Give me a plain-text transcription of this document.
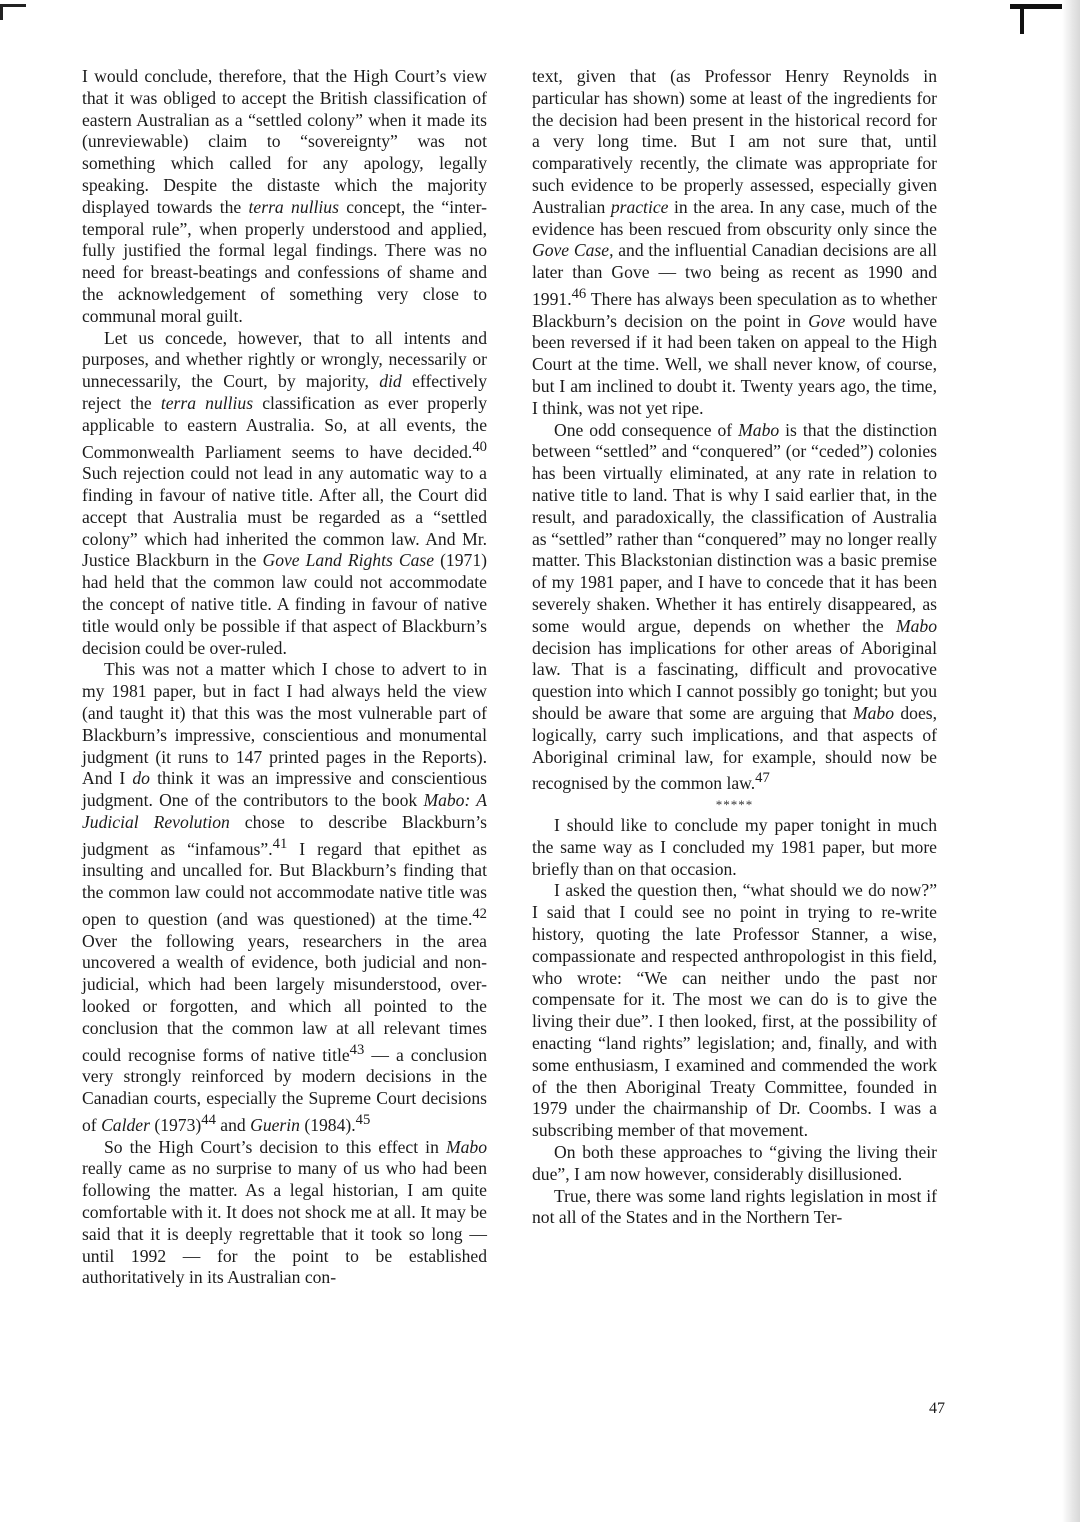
I would conclude, therefore, that the High Court’s view that it was obliged to accept the British classification of eastern Australian as a “settled colony” when it made its (unreviewable) claim to “sovereignty” was not something which called for any apology, legally speaking. Despite the distaste which the majority displayed towards the terra nullius concept, the “inter-temporal rule”, when properly understood and applied, fully justified the formal legal findings. There was no need for breast-beatings and confessions of shame and the acknowledgement of something very close to communal moral guilt.

Let us concede, however, that to all intents and purposes, and whether rightly or wrongly, necessarily or unnecessarily, the Court, by majority, did effectively reject the terra nullius classification as ever properly applicable to eastern Australia. So, at all events, the Commonwealth Parliament seems to have decided.$^{40}$ Such rejection could not lead in any automatic way to a finding in favour of native title. After all, the Court did accept that Australia must be regarded as a “settled colony” which had inherited the common law. And Mr. Justice Blackburn in the Gove Land Rights Case (1971) had held that the common law could not accommodate the concept of native title. A finding in favour of native title would only be possible if that aspect of Blackburn’s decision could be over-ruled.

This was not a matter which I chose to advert to in my 1981 paper, but in fact I had always held the view (and taught it) that this was the most vulnerable part of Blackburn’s impressive, conscientious and monumental judgment (it runs to 147 printed pages in the Reports). And I do think it was an impressive and conscientious judgment. One of the contributors to the book Mabo: A Judicial Revolution chose to describe Blackburn’s judgment as “infamous”.$^{41}$ I regard that epithet as insulting and uncalled for. But Blackburn’s finding that the common law could not accommodate native title was open to question (and was questioned) at the time.$^{42}$ Over the following years, researchers in the area uncovered a wealth of evidence, both judicial and non-judicial, which had been largely misunderstood, over-looked or forgotten, and which all pointed to the conclusion that the common law at all relevant times could recognise forms of native title$^{43}$ — a conclusion very strongly reinforced by modern decisions in the Canadian courts, especially the Supreme Court decisions of Calder $(1973)^{44}$ and Guerin (1984).$^{45}$

So the High Court’s decision to this effect in Mabo really came as no surprise to many of us who had been following the matter. As a legal historian, I am quite comfortable with it. It does not shock me at all. It may be said that it is deeply regrettable that it took so long — until 1992 — for the point to be established authoritatively in its Australian con-

text, given that (as Professor Henry Reynolds in particular has shown) some at least of the ingredients for the decision had been present in the historical record for a very long time. But I am not sure that, until comparatively recently, the climate was appropriate for such evidence to be properly assessed, especially given Australian practice in the area. In any case, much of the evidence has been rescued from obscurity only since the Gove Case, and the influential Canadian decisions are all later than Gove — two being as recent as 1990 and 1991.46 There has always been speculation as to whether Blackburn’s decision on the point in Gove would have been reversed if it had been taken on appeal to the High Court at the time. Well, we shall never know, of course, but I am inclined to doubt it. Twenty years ago, the time, I think, was not yet ripe.

One odd consequence of Mabo is that the distinction between “settled” and “conquered” (or “ceded”) colonies has been virtually eliminated, at any rate in relation to native title to land. That is why I said earlier that, in the result, and paradoxically, the classification of Australia as “settled” rather than “conquered” may no longer really matter. This Blackstonian distinction was a basic premise of my 1981 paper, and I have to concede that it has been severely shaken. Whether it has entirely disappeared, as some would argue, depends on whether the Mabo decision has implications for other areas of Aboriginal law. That is a fascinating, difficult and provocative question into which I cannot possibly go tonight; but you should be aware that some are arguing that Mabo does, logically, carry such implications, and that aspects of Aboriginal criminal law, for example, should now be recognised by the common law.$^{47}$

*****

I should like to conclude my paper tonight in much the same way as I concluded my 1981 paper, but more briefly than on that occasion.

I asked the question then, “what should we do now?” I said that I could see no point in trying to re-write history, quoting the late Professor Stanner, a wise, compassionate and respected anthropologist in this field, who wrote: “We can neither undo the past nor compensate for it. The most we can do is to give the living their due”. I then looked, first, at the possibility of enacting “land rights” legislation; and, finally, and with some enthusiasm, I examined and commended the work of the then Aboriginal Treaty Committee, founded in 1979 under the chairmanship of Dr. Coombs. I was a subscribing member of that movement.

On both these approaches to “giving the living their due”, I am now however, considerably disillusioned.

True, there was some land rights legislation in most if not all of the States and in the Northern Ter-

47
